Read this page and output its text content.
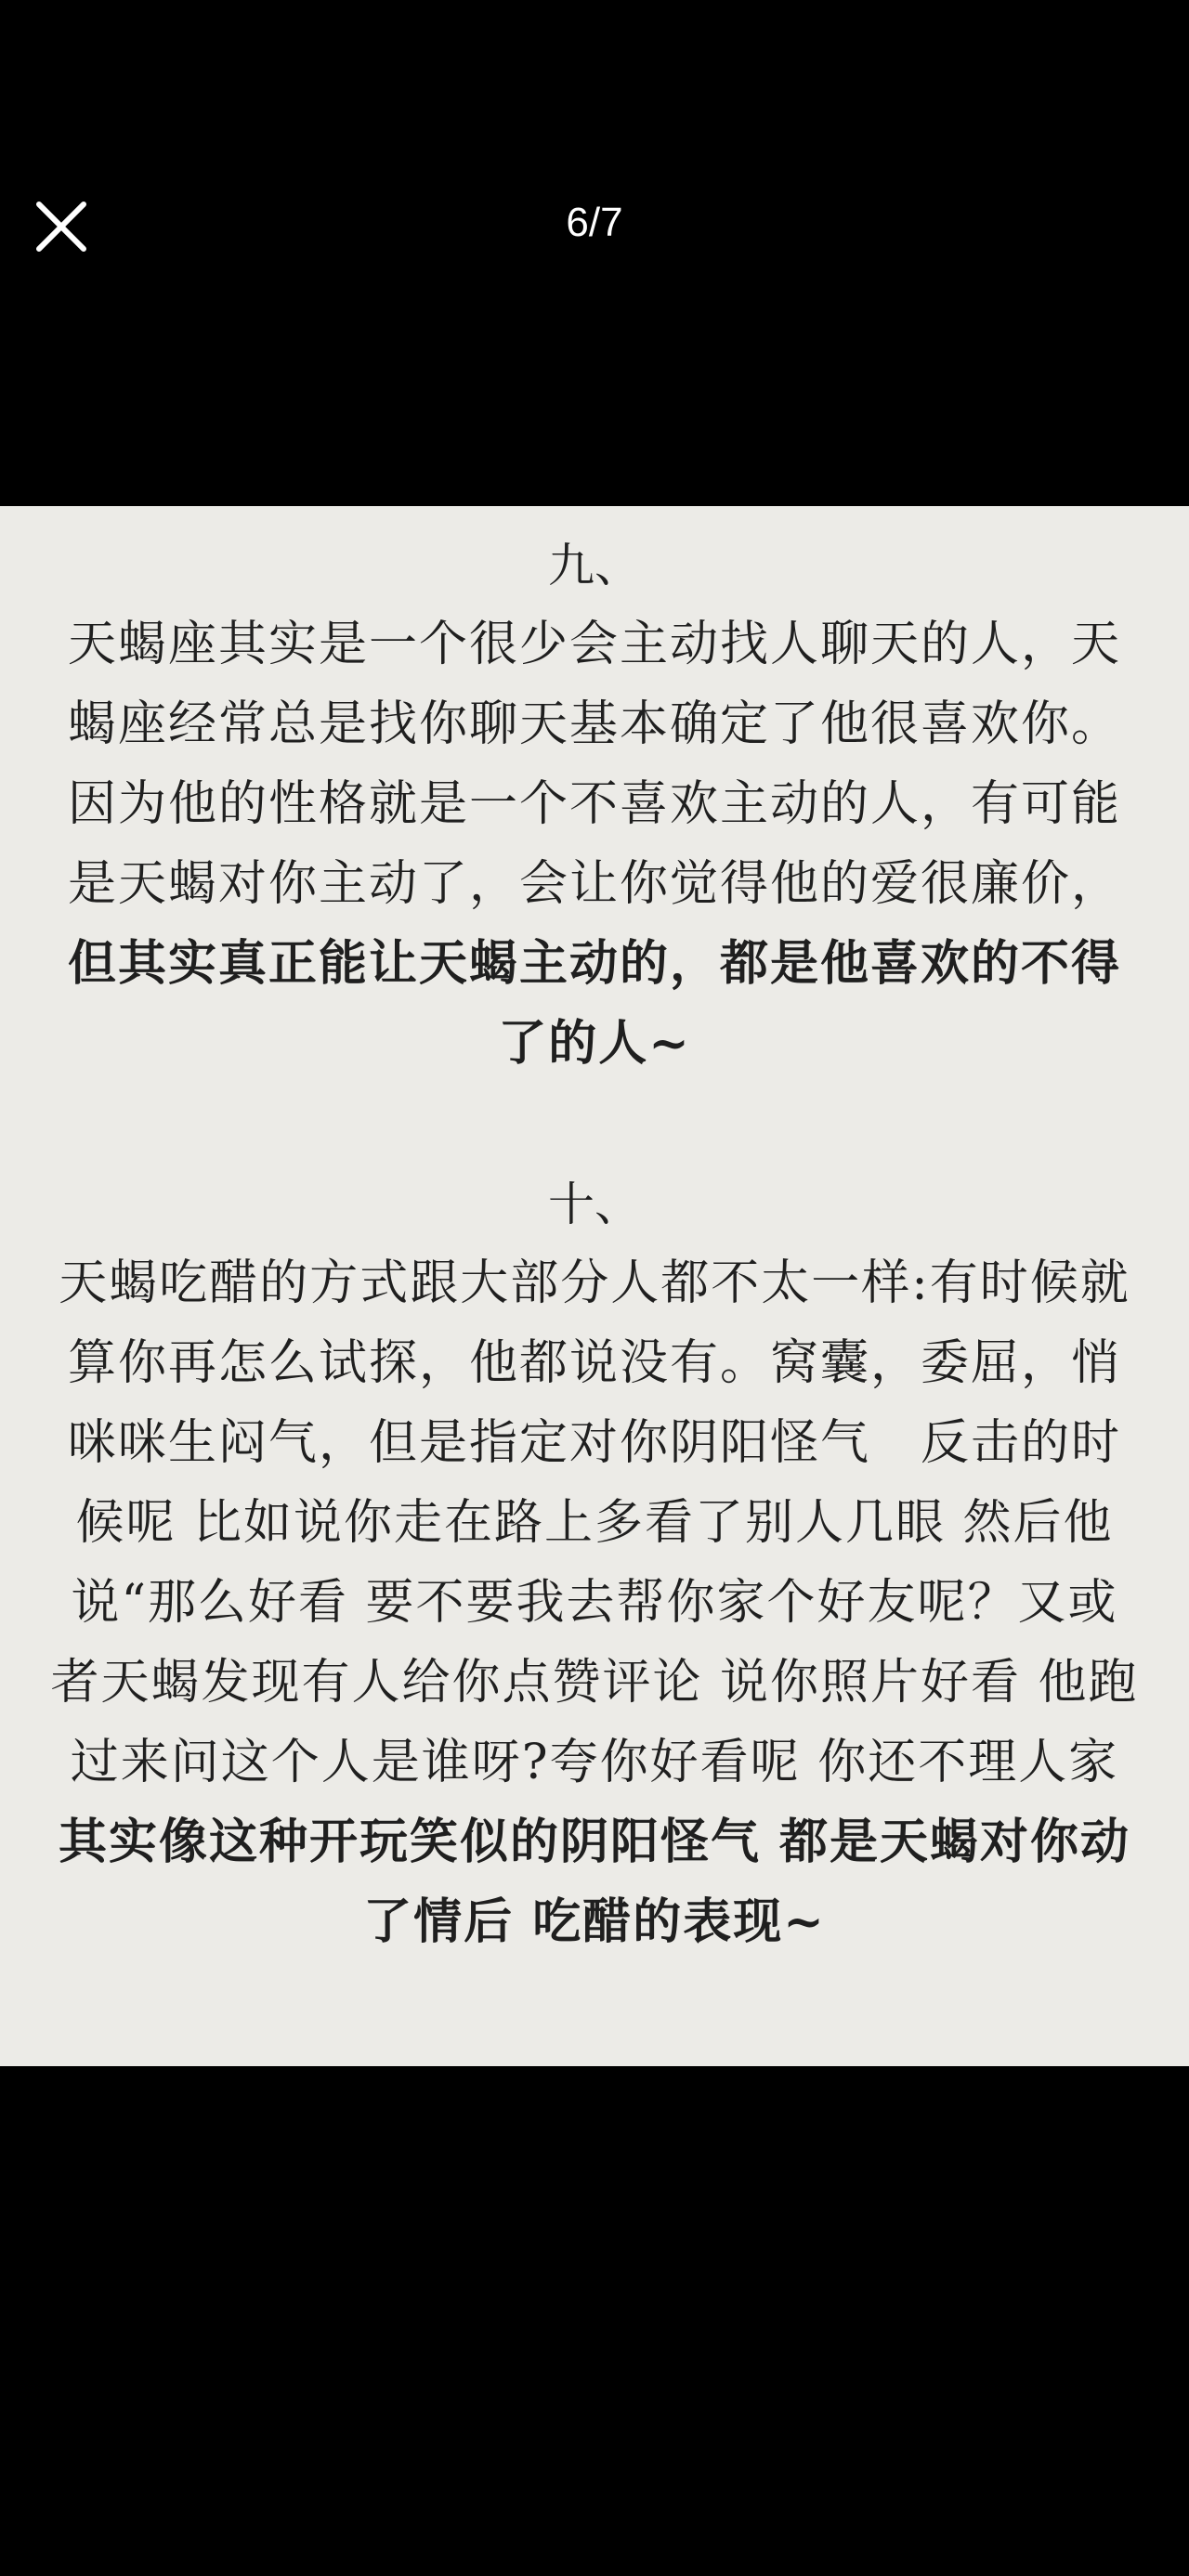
6/7
九、

天蝎座其实是一个很少会主动找人聊天的人，天蝎座经常总是找你聊天基本确定了他很喜欢你。因为他的性格就是一个不喜欢主动的人，有可能是天蝎对你主动了，会让你觉得他的爱很廉价，但其实真正能让天蝎主动的，都是他喜欢的不得了的人~

十、

天蝎吃醋的方式跟大部分人都不太一样:有时候就算你再怎么试探，他都说没有。窝囊，委屈，悄咪咪生闷气，但是指定对你阴阳怪气　反击的时候呢 比如说你走在路上多看了别人几眼 然后他说“那么好看 要不要我去帮你家个好友呢？又或者天蝎发现有人给你点赞评论 说你照片好看 他跑过来问这个人是谁呀?夸你好看呢 你还不理人家 其实像这种开玩笑似的阴阳怪气 都是天蝎对你动了情后 吃醋的表现~
